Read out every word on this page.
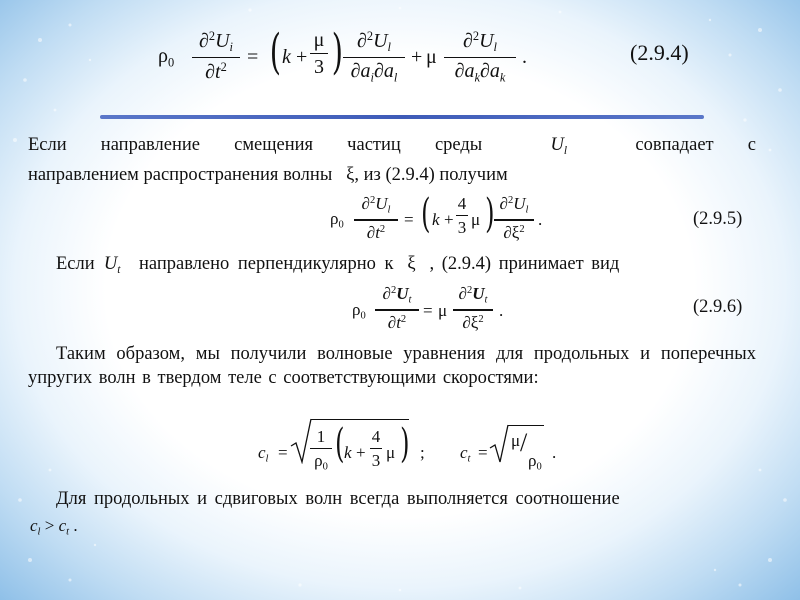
$\rho_0$
$\partial^2U_i$
$\partial t^2$ = ( k +
μ
3 ) $\partial^2U_l$
$\partial a_i\partial a_l$
+ μ
$\partial^2U_l$
$\partial a_k\partial a_k$
.	(2.9.4)
Если направление смещения частиц среды	$U_l$	совпадает с
направлением распространения волны ξ, из (2.9.4) получим
$\rho_0$
$\partial^2U_l$
$\partial t^2$
= ( k +
4
3 μ ) $\partial^2U_l$
$\partial\xi^2$
.	(2.9.5)
Если $U_t$ направлено перпендикулярно к ξ , (2.9.4) принимает вид
$\rho_0$
$\partial^2U_t$
$\partial t^2 = \mu$
$\partial^2U_t$
$\partial\xi^2$ .	(2.9.6)
Таким образом, мы получили волновые уравнения для продольных и поперечных упругих волн в твердом теле с соответствующими скоростями:
$c_l$ =
1
$\rho_0$
( k +
4
3 μ ) ; $c_t$ =
μ /
$\rho_0$
.
Для продольных и сдвиговых волн всегда выполняется соотношение
$c_l > c_t$ .
